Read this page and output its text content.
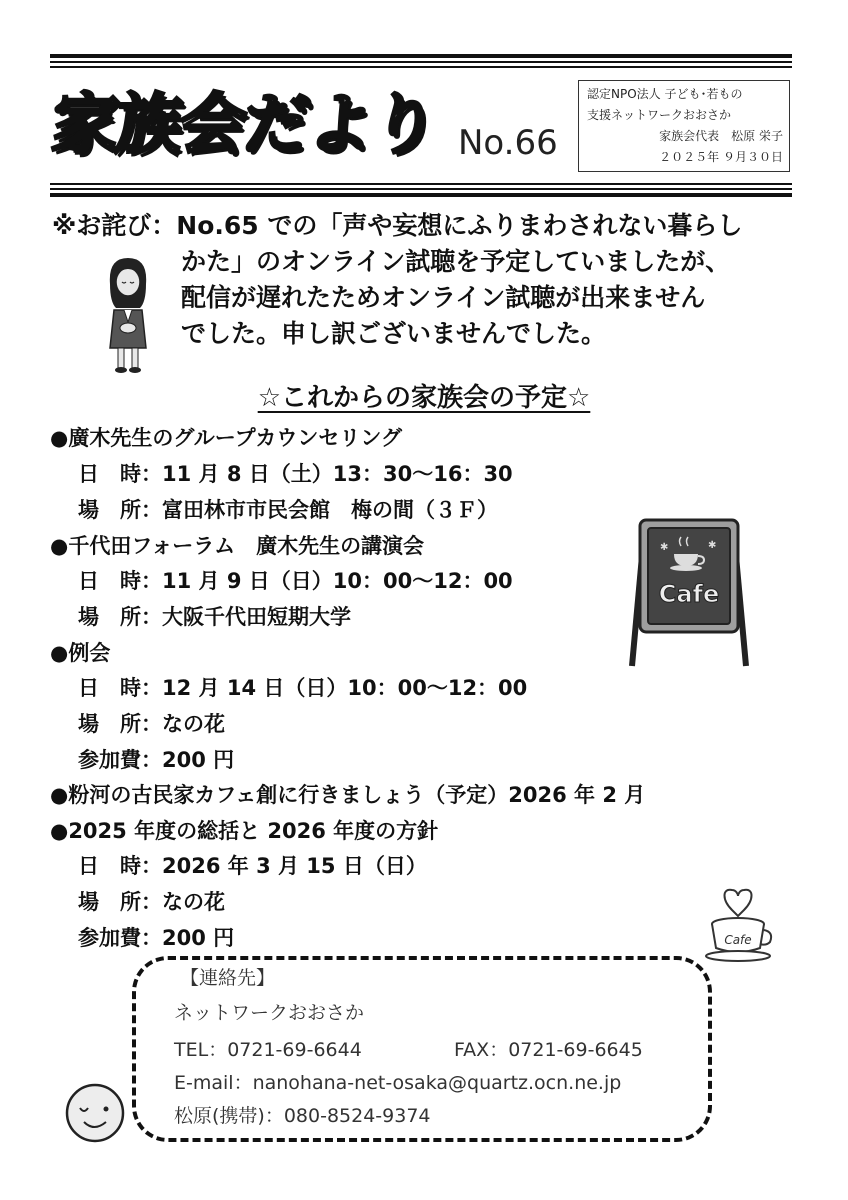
家族会だより No.66
認定NPO法人 子ども･若もの
支援ネットワークおおさか
家族会代表　松原 栄子
２０２５年 ９月３０日
※お詫び：No.65 での「声や妄想にふりまわされない暮らし
かた」のオンライン試聴を予定していましたが、
配信が遅れたためオンライン試聴が出来ません
でした。申し訳ございませんでした。
☆これからの家族会の予定☆
●廣木先生のグループカウンセリング
日　時：11 月 8 日（土）13：30～16：30
場　所：富田林市市民会館　梅の間（３Ｆ）
●千代田フォーラム　廣木先生の講演会
日　時：11 月 9 日（日）10：00～12：00
場　所：大阪千代田短期大学
●例会
日　時：12 月 14 日（日）10：00～12：00
場　所：なの花
参加費：200 円
●粉河の古民家カフェ創に行きましょう（予定）2026 年 2 月
●2025 年度の総括と 2026 年度の方針
日　時：2026 年 3 月 15 日（日）
場　所：なの花
参加費：200 円
✱	✱
Cafe
Cafe
【連絡先】
ネットワークおおさか
TEL：0721-69-6644	FAX：0721-69-6645
E-mail：nanohana-net-osaka@quartz.ocn.ne.jp
松原(携帯)：080-8524-9374
